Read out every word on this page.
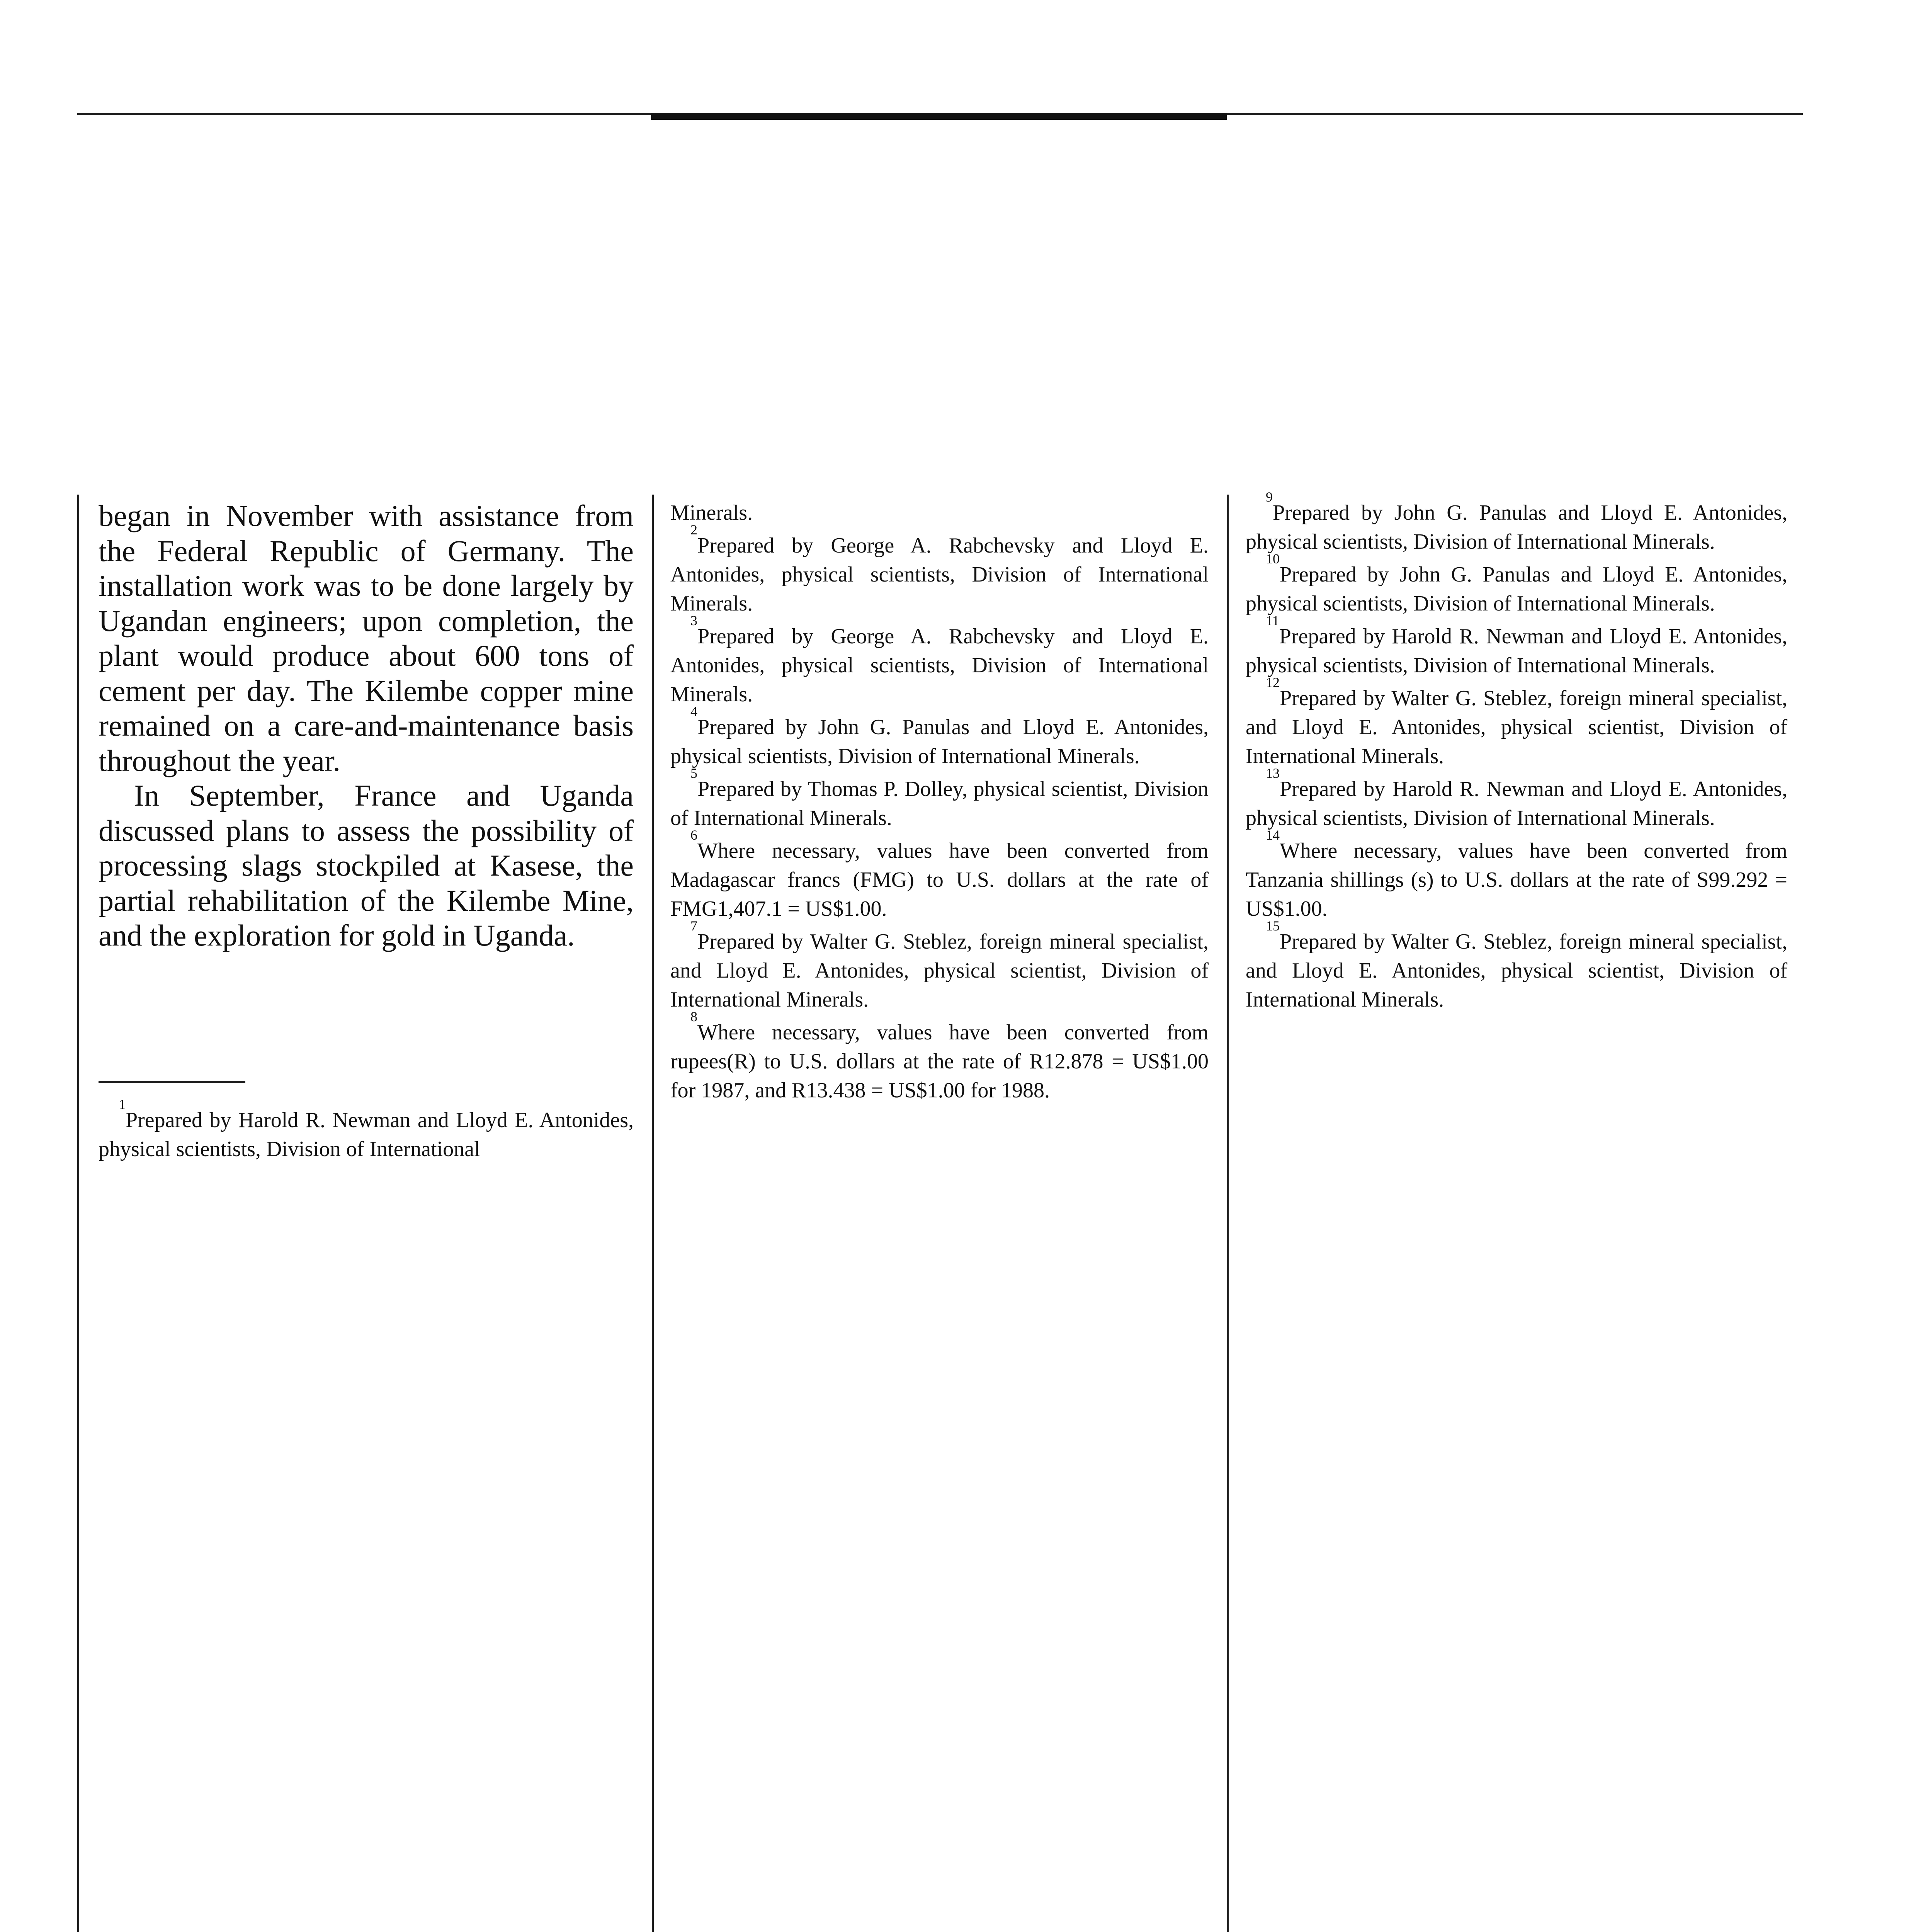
began in November with assistance from the Federal Republic of Germany. The installation work was to be done largely by Ugandan engineers; upon completion, the plant would produce about 600 tons of cement per day. The Kilembe copper mine remained on a care-and-maintenance basis throughout the year.

In September, France and Uganda discussed plans to assess the possibility of processing slags stockpiled at Kasese, the partial rehabilitation of the Kilembe Mine, and the exploration for gold in Uganda.

$^1$Prepared by Harold R. Newman and Lloyd E. Antonides, physical scientists, Division of International

Minerals.

$^2$Prepared by George A. Rabchevsky and Lloyd E. Antonides, physical scientists, Division of International Minerals.

$^3$Prepared by George A. Rabchevsky and Lloyd E. Antonides, physical scientists, Division of International Minerals.

$^4$Prepared by John G. Panulas and Lloyd E. Antonides, physical scientists, Division of International Minerals.

$^5$Prepared by Thomas P. Dolley, physical scientist, Division of International Minerals.

$^6$Where necessary, values have been converted from Madagascar francs (FMG) to U.S. dollars at the rate of FMG1,407.1 = US$1.00.

$^7$Prepared by Walter G. Steblez, foreign mineral specialist, and Lloyd E. Antonides, physical scientist, Division of International Minerals.

$^8$Where necessary, values have been converted from rupees(R) to U.S. dollars at the rate of R12.878 = US$1.00 for 1987, and R13.438 = US$1.00 for 1988.

$^9$Prepared by John G. Panulas and Lloyd E. Antonides, physical scientists, Division of International Minerals.

$^{10}$Prepared by John G. Panulas and Lloyd E. Antonides, physical scientists, Division of International Minerals.

$^{11}$Prepared by Harold R. Newman and Lloyd E. Antonides, physical scientists, Division of International Minerals.

$^{12}$Prepared by Walter G. Steblez, foreign mineral specialist, and Lloyd E. Antonides, physical scientist, Division of International Minerals.

$^{13}$Prepared by Harold R. Newman and Lloyd E. Antonides, physical scientists, Division of International Minerals.

$^{14}$Where necessary, values have been converted from Tanzania shillings (s) to U.S. dollars at the rate of S99.292 = US$1.00.

$^{15}$Prepared by Walter G. Steblez, foreign mineral specialist, and Lloyd E. Antonides, physical scientist, Division of International Minerals.
